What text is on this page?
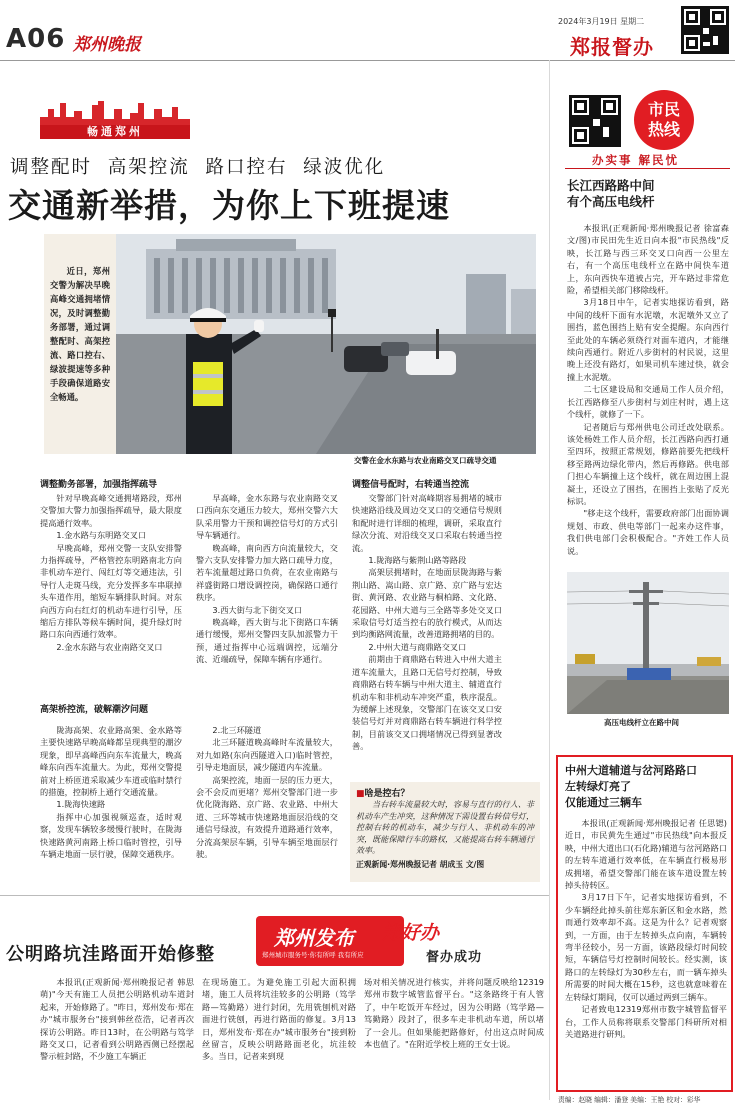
A06 郑州晚报
2024年3月19日 星期二
郑报督办
畅通郑州
调整配时  高架控流  路口控右  绿波优化
交通新举措，为你上下班提速
近日，郑州交警为解决早晚高峰交通拥堵情况，及时调整勤务部署，通过调整配时、高架控流、路口控右、绿波提速等多种手段确保道路安全畅通。
交警在金水东路与农业南路交叉口疏导交通
调整勤务部署，加强指挥疏导

针对早晚高峰交通拥堵路段，郑州交警加大警力加强指挥疏导，最大限度提高通行效率。

1.金水路与东明路交叉口

早晚高峰，郑州交警一支队安排警力指挥疏导，严格管控东明路南北方向非机动车逆行、闯红灯等交通违法，引导行人走斑马线，充分发挥多车串联掉头车道作用，缩短车辆排队时间。对东向西方向右红灯的机动车进行引导，压缩后方排队等候车辆时间，提升绿灯时路口东向西通行效率。

2.金水东路与农业南路交叉口

早高峰，金水东路与农业南路交叉口西向东交通压力较大，郑州交警六大队采用警力干预和调控信号灯的方式引导车辆通行。

晚高峰，南向西方向流量较大，交警六支队安排警力加大路口疏导力度，若车流量超过路口负荷，在农业南路与祥盛街路口增设调控岗，确保路口通行秩序。

3.西大街与北下街交叉口

晚高峰，西大街与北下街路口车辆通行缓慢，郑州交警四支队加派警力干预，通过指挥中心远端调控，远端分流、近端疏导，保障车辆有序通行。

高架桥控流，破解潮汐问题

陇海高架、农业路高架、金水路等主要快速路早晚高峰都呈现典型的潮汐现象，即早高峰西向东车流量大，晚高峰东向西车流量大。为此，郑州交警提前对上桥匝道采取减少车道或临时禁行的措施，控制桥上通行交通流量。

1.陇海快速路

指挥中心加强视频巡查，适时观察，发现车辆较多缓慢行驶时，在陇海快速路黄河南路上桥口临时管控，引导车辆走地面一层行驶，保障交通秩序。

2.北三环隧道

北三环隧道晚高峰时车流量较大，对九如路(东向西隧道入口)临时管控，引导走地面层，减少隧道内车流量。

高架控流，地面一层的压力更大，会不会反而更堵？郑州交警部门进一步优化陇海路、京广路、农业路、中州大道、三环等城市快速路地面层沿线的交通信号绿波，有效提升道路通行效率，分流高架层车辆，引导车辆至地面层行驶。

调整信号配时，右转通当控流

交警部门针对高峰期容易拥堵的城市快速路沿线及周边交叉口的交通信号规则和配时进行详细的梳理，调研，采取直行绿次分流、对沿线交叉口采取右转通当控流。

1.陇海路与紫荆山路等路段

高架层拥堵时，在地面层陇海路与紫荆山路、嵩山路、京广路、京广路与宏达街、黄河路、农业路与桐柏路、文化路、花园路、中州大道与三全路等多处交叉口采取信号灯适当控右的放行模式，从而达到均衡路网流量，改善道路拥堵的目的。

2.中州大道与商鼎路交叉口

前期由于商鼎路右转进入中州大道主道车流量大，且路口无信号灯控制，导致商鼎路右转车辆与中州大道主、辅道直行机动车和非机动车冲突严重，秩序混乱。为缓解上述现象，交警部门在该交叉口安装信号灯并对商鼎路右转车辆进行科学控制，目前该交叉口拥堵情况已得到显著改善。

■啥是控右？
当右转车流量较大时，容易与直行的行人、非机动车产生冲突，这种情况下需设置右转信号灯，控制右转的机动车，减少与行人、非机动车的冲突，既能保障行车的路权，又能提高右转车辆通行效率。
正观新闻·郑州晚报记者 胡成玉 文/图
市民热线
办实事 解民忧
长江西路路中间
有个高压电线杆

本报讯(正观新闻·郑州晚报记者 徐富森 文/图)市民田先生近日向本报"市民热线"反映，长江路与西三环交叉口向西一公里左右，有一个高压电线杆立在路中间快车道上，东向西快车道被占完，开车路过非常危险，希望相关部门移除线杆。

3月18日中午，记者实地探访看到，路中间的线杆下面有水泥墩，水泥墩外又立了围挡，蓝色围挡上贴有安全提醒。东向西行至此处的车辆必须绕行对面车道内，才能继续向西通行。附近八步街村的村民说，这里晚上还没有路灯，如果司机车速过快，就会撞上水泥墩。

二七区建设局和交通局工作人员介绍，长江西路修至八步街村与刘庄村时，遇上这个线杆，就修了一下。

记者随后与郑州供电公司迁改处联系。该处杨姓工作人员介绍，长江西路向西打通至四环，按照正常规划，修路前要先把线杆移至路两边绿化带内，然后再修路。供电部门担心车辆撞上这个线杆，就在周边围上混凝土，还设立了围挡，在围挡上张贴了反光标识。

"移走这个线杆，需要政府部门出面协调规划、市政、供电等部门一起来办这件事，我们供电部门会积极配合。"齐姓工作人员说。

高压电线杆立在路中间
中州大道辅道与岔河路路口
左转绿灯亮了
仅能通过三辆车

本报讯(正观新闻·郑州晚报记者 任思锶)近日，市民黄先生通过"市民热线"向本报反映，中州大道出口(石化路)辅道与岔河路路口的左转车道通行效率低，在车辆直行极易形成拥堵，希望交警部门能在该车道设置左转掉头待转区。

3月17日下午，记者实地探访看到，不少车辆经此掉头前往郑东新区和金水路，然而通行效率却不高。这是为什么？记者观察到，一方面，由于左转掉头点向南，车辆转弯半径较小，另一方面，该路段绿灯时间较短，车辆信号灯控制时间较长。经实测，该路口的左转绿灯为30秒左右，而一辆车掉头所需要的时间大概在15秒，这也就意味着在左转绿灯期间，仅可以通过两到三辆车。

记者致电12319郑州市数字城管监督平台，工作人员称将联系交警部门科研所对相关道路进行研判。

公明路坑洼路面开始修整
郑州发布
郑州城市服务号·你有所呼 我有所应
郑好办
督办成功

本报讯(正观新闻·郑州晚报记者 韩思萌)"今天有施工人员把公明路机动车道封起来，开始修路了。"昨日，郑州发布·郑在办"城市服务台"接到韩丝莅浩，记者再次探访公明路。昨日13时，在公明路与笃学路交叉口，记者看到公明路西侧已经摆起警示桩封路，不少施工车辆正

在现场施工。为避免施工引起大面积拥堵，施工人员将坑洼较多的公明路（笃学路—笃勤路）进行封闭，先用铣刨机对路面进行铣刨，再进行路面的修复。3月13日，郑州发布·郑在办"城市服务台"接到粉丝留言，反映公明路路面老化，坑洼较多。当日，记者来到现

场对相关情况进行核实，并将问题反映给12319郑州市数字城管监督平台。"这条路终于有人管了，中午吃饭开车经过，因为公明路（笃学路—笃勤路）段封了，很多车走非机动车道，所以堵了一会儿。但如果能把路修好，付出这点时间成本也值了。"在附近学校上班的王女士说。

责编：赵晓 编辑：潘登 美编：王艳 校对：彩华
